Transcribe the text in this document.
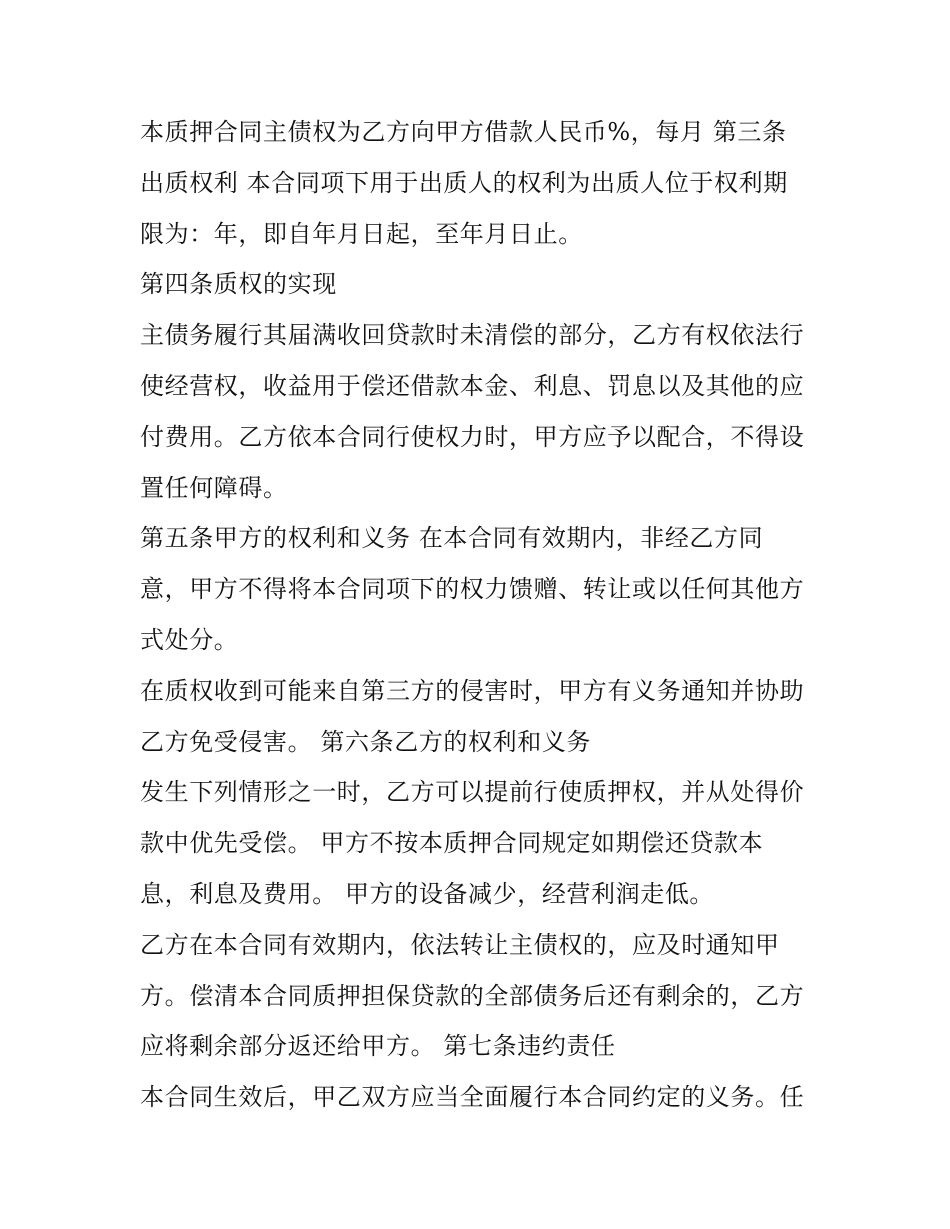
本质押合同主债权为乙方向甲方借款人民币%，每月 第三条
出质权利 本合同项下用于出质人的权利为出质人位于权利期
限为：年，即自年月日起，至年月日止。
第四条质权的实现
主债务履行其届满收回贷款时未清偿的部分，乙方有权依法行
使经营权，收益用于偿还借款本金、利息、罚息以及其他的应
付费用。乙方依本合同行使权力时，甲方应予以配合，不得设
置任何障碍。
第五条甲方的权利和义务 在本合同有效期内，非经乙方同
意，甲方不得将本合同项下的权力馈赠、转让或以任何其他方
式处分。
在质权收到可能来自第三方的侵害时，甲方有义务通知并协助
乙方免受侵害。 第六条乙方的权利和义务
发生下列情形之一时，乙方可以提前行使质押权，并从处得价
款中优先受偿。 甲方不按本质押合同规定如期偿还贷款本
息，利息及费用。 甲方的设备减少，经营利润走低。
乙方在本合同有效期内，依法转让主债权的，应及时通知甲
方。偿清本合同质押担保贷款的全部债务后还有剩余的，乙方
应将剩余部分返还给甲方。 第七条违约责任
本合同生效后，甲乙双方应当全面履行本合同约定的义务。任
